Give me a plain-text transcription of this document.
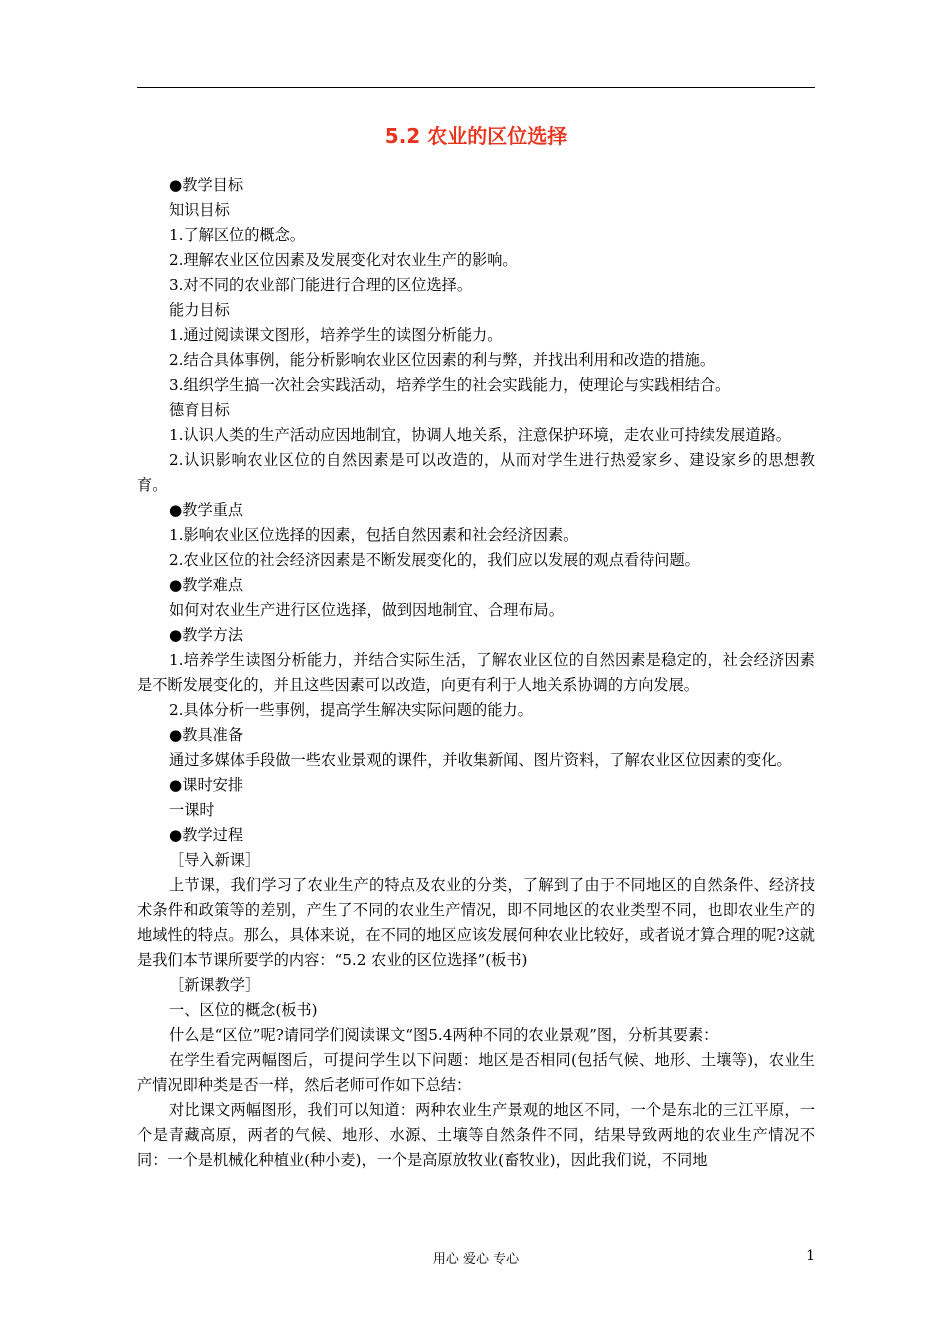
5.2 农业的区位选择

●教学目标

知识目标

1.了解区位的概念。

2.理解农业区位因素及发展变化对农业生产的影响。

3.对不同的农业部门能进行合理的区位选择。

能力目标

1.通过阅读课文图形，培养学生的读图分析能力。

2.结合具体事例，能分析影响农业区位因素的利与弊，并找出利用和改造的措施。

3.组织学生搞一次社会实践活动，培养学生的社会实践能力，使理论与实践相结合。

德育目标

1.认识人类的生产活动应因地制宜，协调人地关系，注意保护环境，走农业可持续发展道路。

2.认识影响农业区位的自然因素是可以改造的，从而对学生进行热爱家乡、建设家乡的思想教育。

●教学重点

1.影响农业区位选择的因素，包括自然因素和社会经济因素。

2.农业区位的社会经济因素是不断发展变化的，我们应以发展的观点看待问题。

●教学难点

如何对农业生产进行区位选择，做到因地制宜、合理布局。

●教学方法

1.培养学生读图分析能力，并结合实际生活，了解农业区位的自然因素是稳定的，社会经济因素是不断发展变化的，并且这些因素可以改造，向更有利于人地关系协调的方向发展。

2.具体分析一些事例，提高学生解决实际问题的能力。

●教具准备

通过多媒体手段做一些农业景观的课件，并收集新闻、图片资料，了解农业区位因素的变化。

●课时安排

一课时

●教学过程

［导入新课］

上节课，我们学习了农业生产的特点及农业的分类，了解到了由于不同地区的自然条件、经济技术条件和政策等的差别，产生了不同的农业生产情况，即不同地区的农业类型不同，也即农业生产的地域性的特点。那么，具体来说，在不同的地区应该发展何种农业比较好，或者说才算合理的呢?这就是我们本节课所要学的内容：“5.2 农业的区位选择”(板书)

［新课教学］

一、区位的概念(板书)

什么是“区位”呢?请同学们阅读课文“图5.4两种不同的农业景观”图，分析其要素：

在学生看完两幅图后，可提问学生以下问题：地区是否相同(包括气候、地形、土壤等)，农业生产情况即种类是否一样，然后老师可作如下总结：

对比课文两幅图形，我们可以知道：两种农业生产景观的地区不同，一个是东北的三江平原，一个是青藏高原，两者的气候、地形、水源、土壤等自然条件不同，结果导致两地的农业生产情况不同：一个是机械化种植业(种小麦)，一个是高原放牧业(畜牧业)，因此我们说，不同地

用心 爱心 专心	1
